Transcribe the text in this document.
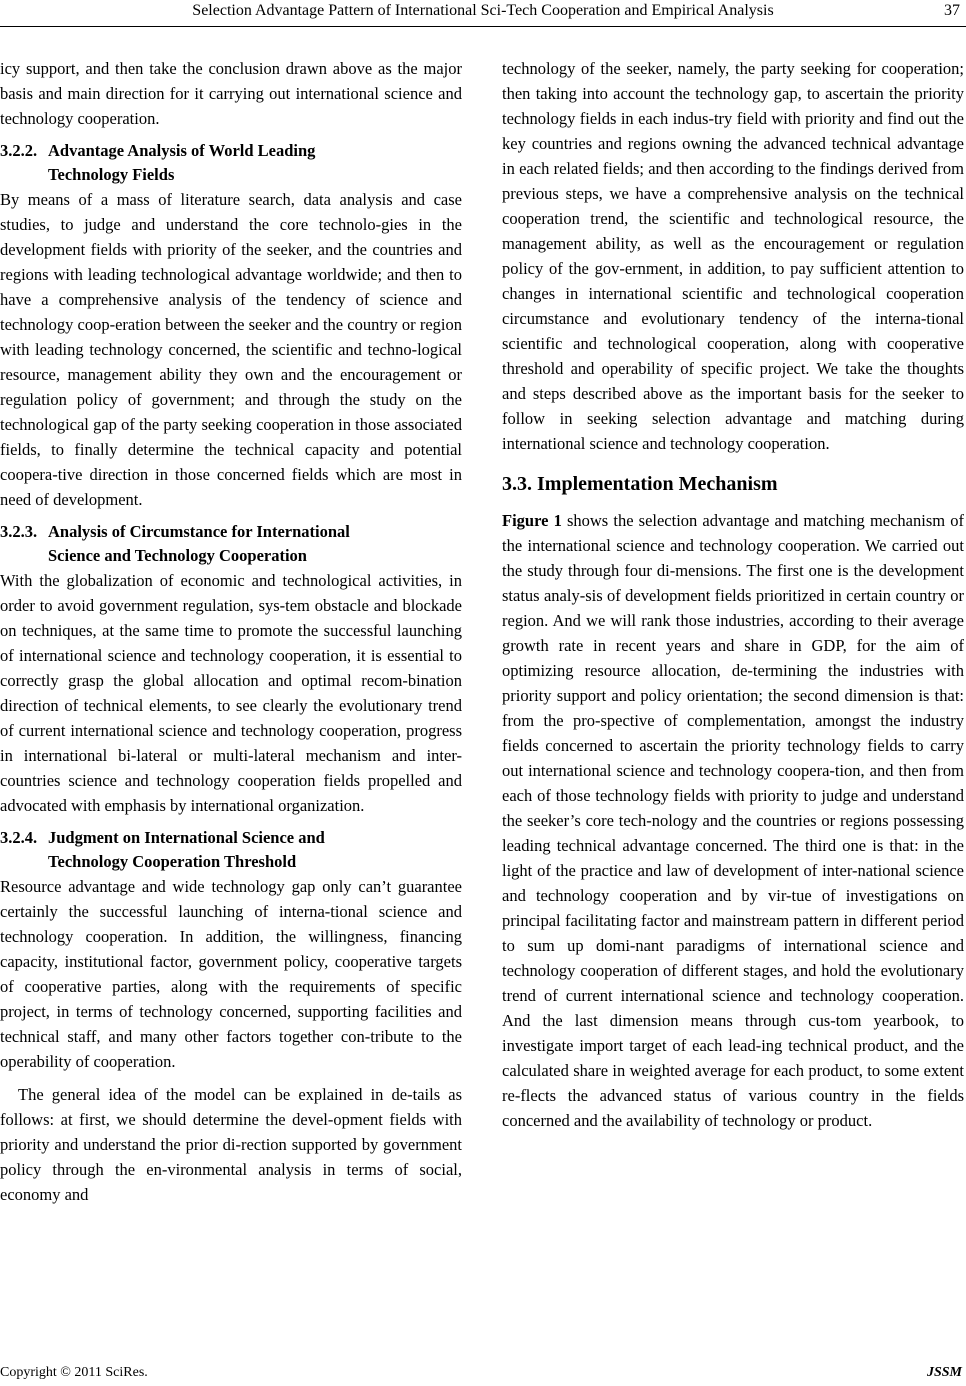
Selection Advantage Pattern of International Sci-Tech Cooperation and Empirical Analysis	37

icy support, and then take the conclusion drawn above as the major basis and main direction for it carrying out international science and technology cooperation.

3.2.2. Advantage Analysis of World Leading
Technology Fields

By means of a mass of literature search, data analysis and case studies, to judge and understand the core technolo-gies in the development fields with priority of the seeker, and the countries and regions with leading technological advantage worldwide; and then to have a comprehensive analysis of the tendency of science and technology coop-eration between the seeker and the country or region with leading technology concerned, the scientific and techno-logical resource, management ability they own and the encouragement or regulation policy of government; and through the study on the technological gap of the party seeking cooperation in those associated fields, to finally determine the technical capacity and potential coopera-tive direction in those concerned fields which are most in need of development.

3.2.3. Analysis of Circumstance for International
Science and Technology Cooperation

With the globalization of economic and technological activities, in order to avoid government regulation, sys-tem obstacle and blockade on techniques, at the same time to promote the successful launching of international science and technology cooperation, it is essential to correctly grasp the global allocation and optimal recom-bination direction of technical elements, to see clearly the evolutionary trend of current international science and technology cooperation, progress in international bi-lateral or multi-lateral mechanism and inter-countries science and technology cooperation fields propelled and advocated with emphasis by international organization.

3.2.4. Judgment on International Science and
Technology Cooperation Threshold

Resource advantage and wide technology gap only can’t guarantee certainly the successful launching of interna-tional science and technology cooperation. In addition, the willingness, financing capacity, institutional factor, government policy, cooperative targets of cooperative parties, along with the requirements of specific project, in terms of technology concerned, supporting facilities and technical staff, and many other factors together con-tribute to the operability of cooperation.

The general idea of the model can be explained in de-tails as follows: at first, we should determine the devel-opment fields with priority and understand the prior di-rection supported by government policy through the en-vironmental analysis in terms of social, economy and

technology of the seeker, namely, the party seeking for cooperation; then taking into account the technology gap, to ascertain the priority technology fields in each indus-try field with priority and find out the key countries and regions owning the advanced technical advantage in each related fields; and then according to the findings derived from previous steps, we have a comprehensive analysis on the technical cooperation trend, the scientific and technological resource, the management ability, as well as the encouragement or regulation policy of the gov-ernment, in addition, to pay sufficient attention to changes in international scientific and technological cooperation circumstance and evolutionary tendency of the interna-tional scientific and technological cooperation, along with cooperative threshold and operability of specific project. We take the thoughts and steps described above as the important basis for the seeker to follow in seeking selection advantage and matching during international science and technology cooperation.

3.3. Implementation Mechanism

Figure 1 shows the selection advantage and matching mechanism of the international science and technology cooperation. We carried out the study through four di-mensions. The first one is the development status analy-sis of development fields prioritized in certain country or region. And we will rank those industries, according to their average growth rate in recent years and share in GDP, for the aim of optimizing resource allocation, de-termining the industries with priority support and policy orientation; the second dimension is that: from the pro-spective of complementation, amongst the industry fields concerned to ascertain the priority technology fields to carry out international science and technology coopera-tion, and then from each of those technology fields with priority to judge and understand the seeker’s core tech-nology and the countries or regions possessing leading technical advantage concerned. The third one is that: in the light of the practice and law of development of inter-national science and technology cooperation and by vir-tue of investigations on principal facilitating factor and mainstream pattern in different period to sum up domi-nant paradigms of international science and technology cooperation of different stages, and hold the evolutionary trend of current international science and technology cooperation. And the last dimension means through cus-tom yearbook, to investigate import target of each lead-ing technical product, and the calculated share in weighted average for each product, to some extent re-flects the advanced status of various country in the fields concerned and the availability of technology or product.

Copyright © 2011 SciRes.	JSSM
